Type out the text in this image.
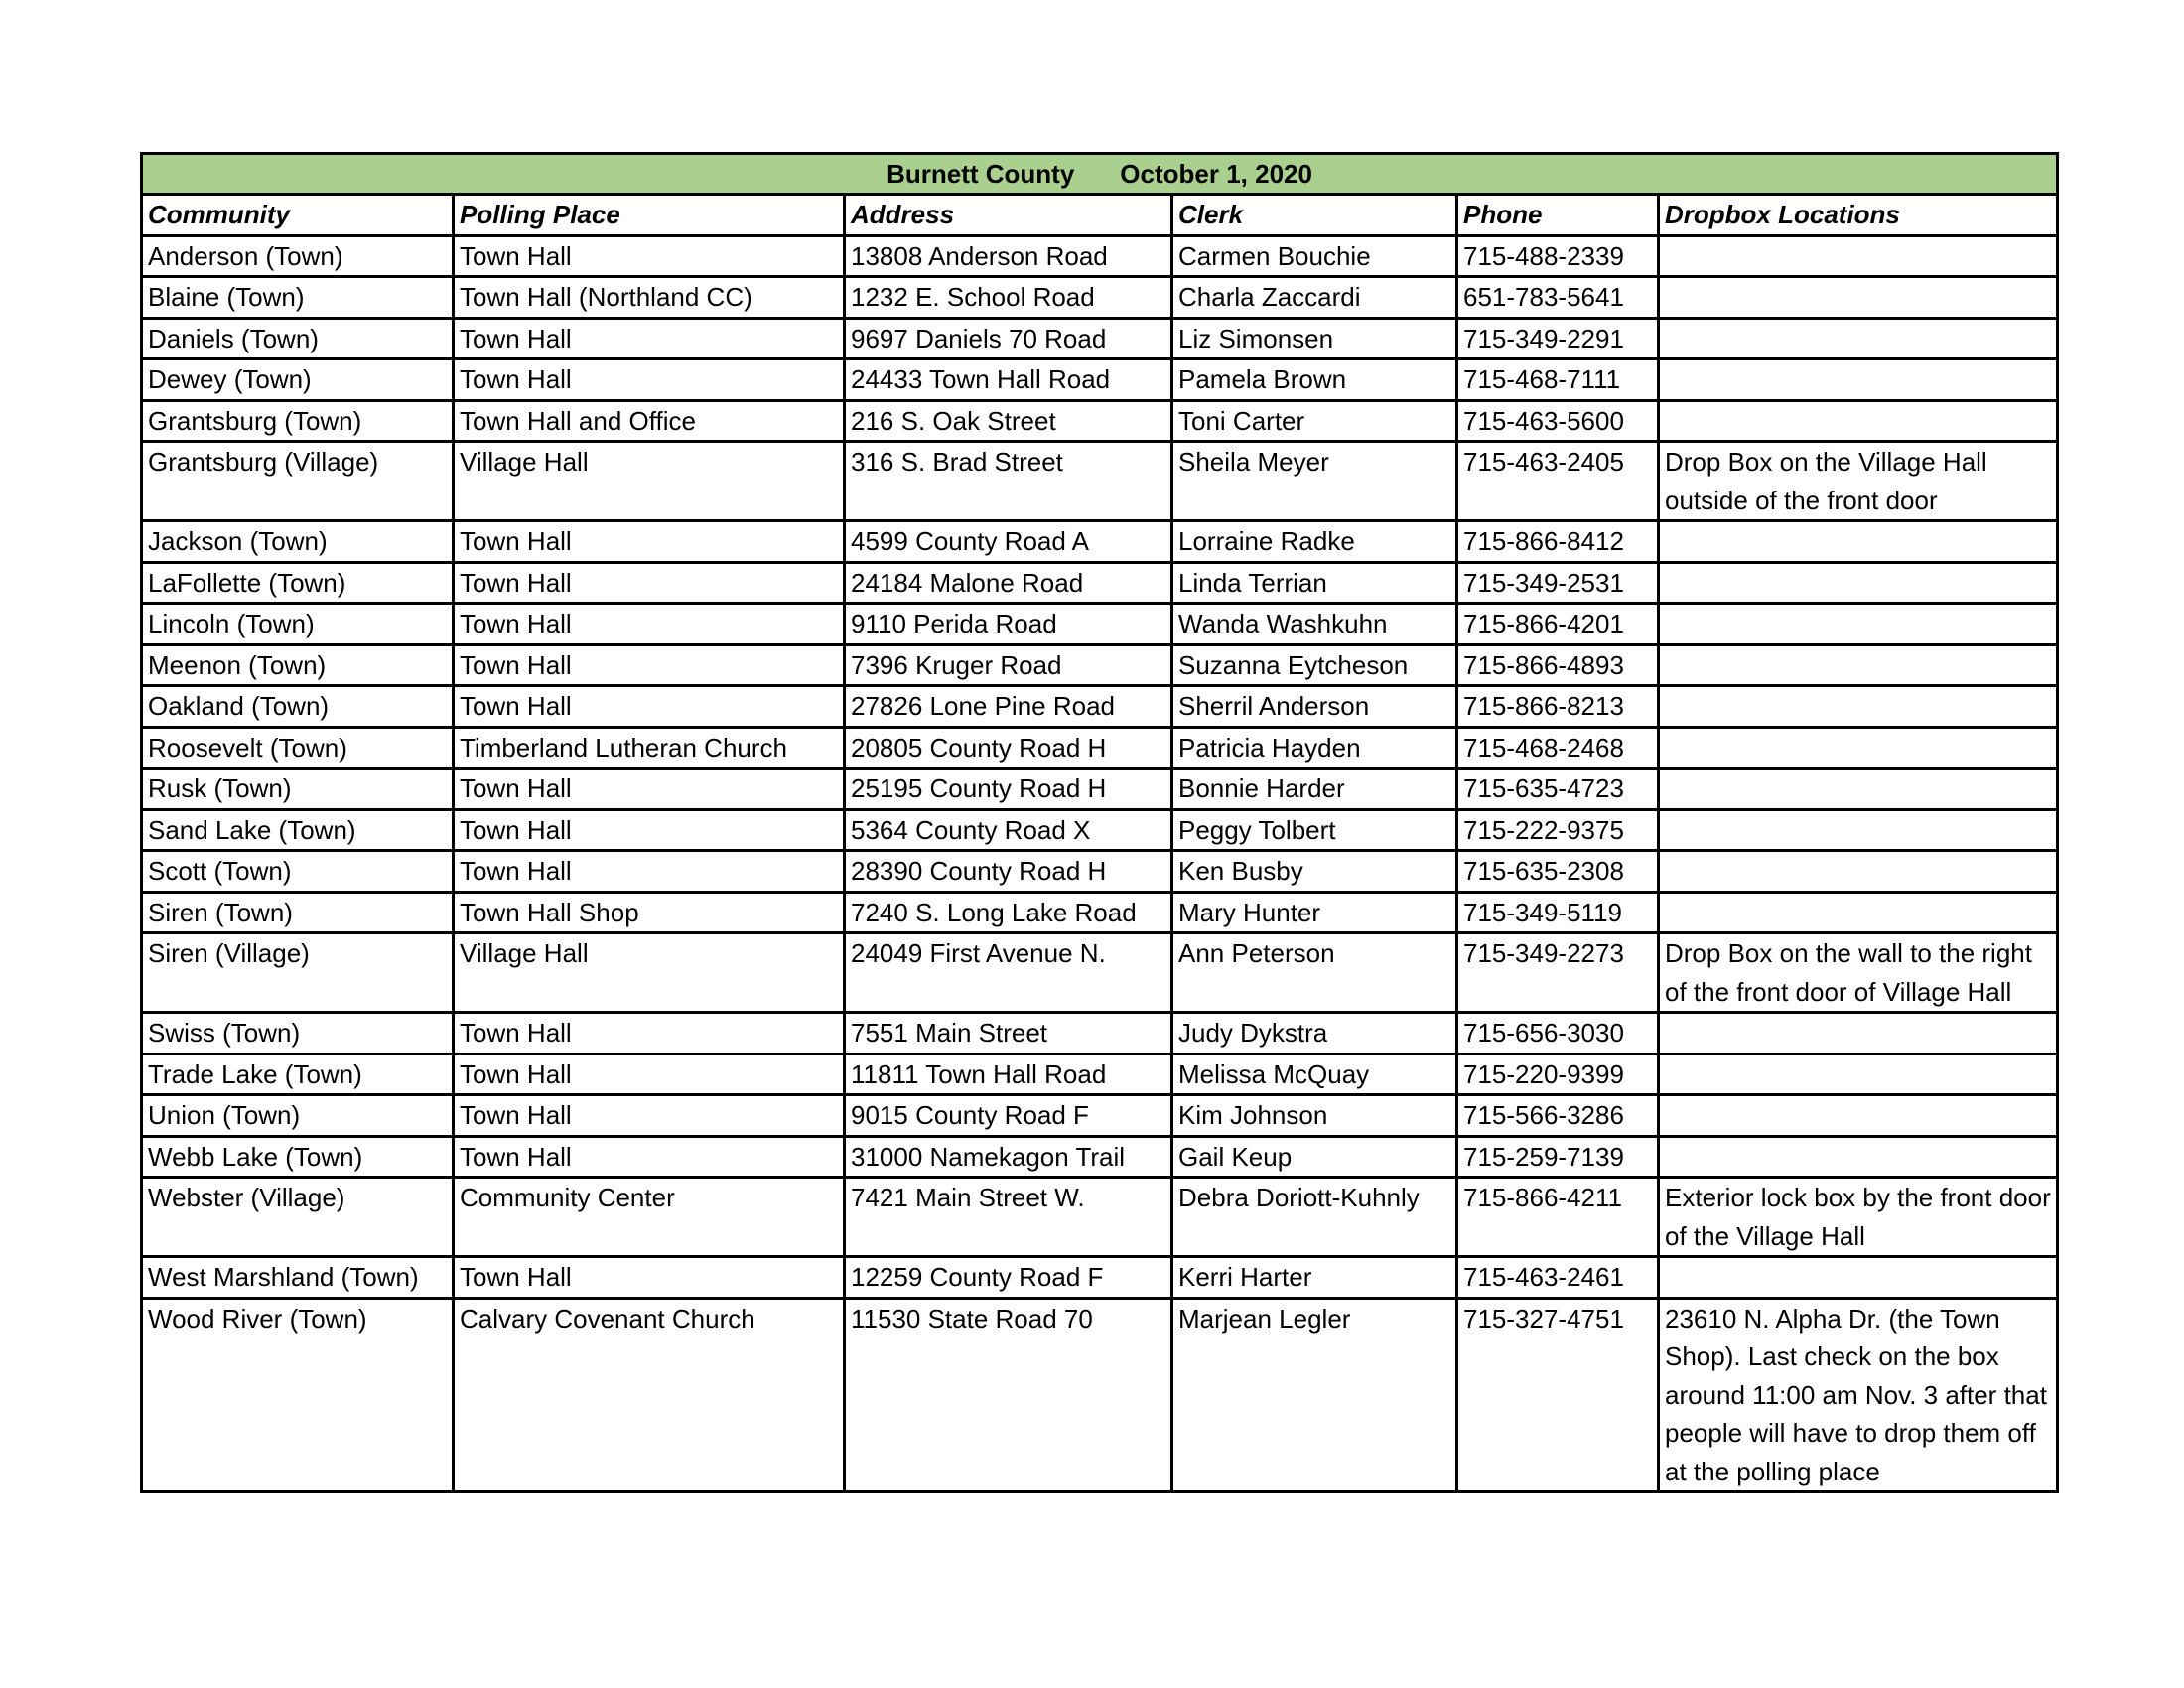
Burnett County October 1, 2020					
Community	Polling Place	Address	Clerk	Phone	Dropbox Locations
Anderson (Town)	Town Hall	13808 Anderson Road	Carmen Bouchie	715-488-2339	
Blaine (Town)	Town Hall (Northland CC)	1232 E. School Road	Charla Zaccardi	651-783-5641	
Daniels (Town)	Town Hall	9697 Daniels 70 Road	Liz Simonsen	715-349-2291	
Dewey (Town)	Town Hall	24433 Town Hall Road	Pamela Brown	715-468-7111	
Grantsburg (Town)	Town Hall and Office	216 S. Oak Street	Toni Carter	715-463-5600	
Grantsburg (Village)	Village Hall	316 S. Brad Street	Sheila Meyer	715-463-2405	Drop Box on the Village Hall outside of the front door
Jackson (Town)	Town Hall	4599 County Road A	Lorraine Radke	715-866-8412	
LaFollette (Town)	Town Hall	24184 Malone Road	Linda Terrian	715-349-2531	
Lincoln (Town)	Town Hall	9110 Perida Road	Wanda Washkuhn	715-866-4201	
Meenon (Town)	Town Hall	7396 Kruger Road	Suzanna Eytcheson	715-866-4893	
Oakland (Town)	Town Hall	27826 Lone Pine Road	Sherril Anderson	715-866-8213	
Roosevelt (Town)	Timberland Lutheran Church	20805 County Road H	Patricia Hayden	715-468-2468	
Rusk (Town)	Town Hall	25195 County Road H	Bonnie Harder	715-635-4723	
Sand Lake (Town)	Town Hall	5364 County Road X	Peggy Tolbert	715-222-9375	
Scott (Town)	Town Hall	28390 County Road H	Ken Busby	715-635-2308	
Siren (Town)	Town Hall Shop	7240 S. Long Lake Road	Mary Hunter	715-349-5119	
Siren (Village)	Village Hall	24049 First Avenue N.	Ann Peterson	715-349-2273	Drop Box on the wall to the right of the front door of Village Hall
Swiss (Town)	Town Hall	7551 Main Street	Judy Dykstra	715-656-3030	
Trade Lake (Town)	Town Hall	11811 Town Hall Road	Melissa McQuay	715-220-9399	
Union (Town)	Town Hall	9015 County Road F	Kim Johnson	715-566-3286	
Webb Lake (Town)	Town Hall	31000 Namekagon Trail	Gail Keup	715-259-7139	
Webster (Village)	Community Center	7421 Main Street W.	Debra Doriott-Kuhnly	715-866-4211	Exterior lock box by the front door of the Village Hall
West Marshland (Town)	Town Hall	12259 County Road F	Kerri Harter	715-463-2461	
Wood River (Town)	Calvary Covenant Church	11530 State Road 70	Marjean Legler	715-327-4751	23610 N. Alpha Dr. (the Town Shop). Last check on the box around 11:00 am Nov. 3 after that people will have to drop them off at the polling place
